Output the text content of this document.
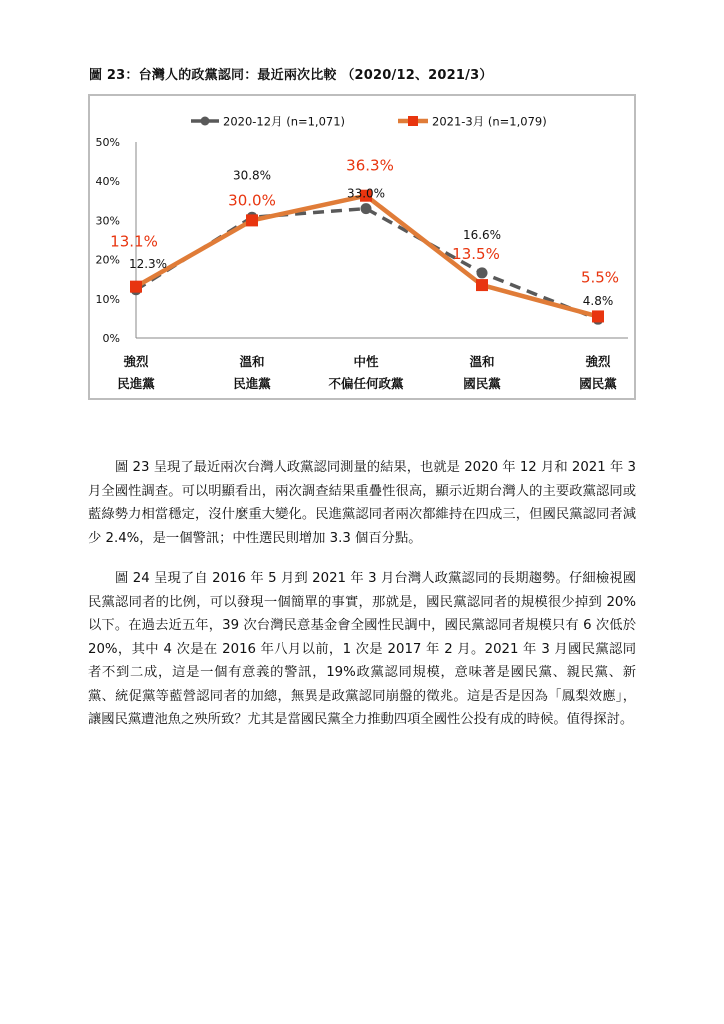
圖 23：台灣人的政黨認同：最近兩次比較 （2020/12、2021/3）
50%
40%
30%
20%
10%
0%
強烈
民進黨
溫和
民進黨
中性
不偏任何政黨
溫和
國民黨
強烈
國民黨
12.3%
30.8%
33.0%
16.6%
4.8%
13.1%
30.0%
36.3%
13.5%
5.5%
2020-12月 (n=1,071)	2021-3月 (n=1,079)

圖 23 呈現了最近兩次台灣人政黨認同測量的結果，也就是 2020 年 12 月和 2021 年 3 月全國性調查。可以明顯看出，兩次調查結果重疊性很高，顯示近期台灣人的主要政黨認同或藍綠勢力相當穩定，沒什麼重大變化。民進黨認同者兩次都維持在四成三，但國民黨認同者減少 2.4%，是一個警訊；中性選民則增加 3.3 個百分點。

圖 24 呈現了自 2016 年 5 月到 2021 年 3 月台灣人政黨認同的長期趨勢。仔細檢視國民黨認同者的比例，可以發現一個簡單的事實，那就是，國民黨認同者的規模很少掉到 20%以下。在過去近五年，39 次台灣民意基金會全國性民調中，國民黨認同者規模只有 6 次低於 20%，其中 4 次是在 2016 年八月以前，1 次是 2017 年 2 月。2021 年 3 月國民黨認同者不到二成，這是一個有意義的警訊，19%政黨認同規模，意味著是國民黨、親民黨、新黨、統促黨等藍營認同者的加總，無異是政黨認同崩盤的徵兆。這是否是因為「鳳梨效應」，讓國民黨遭池魚之殃所致？尤其是當國民黨全力推動四項全國性公投有成的時候。值得探討。
